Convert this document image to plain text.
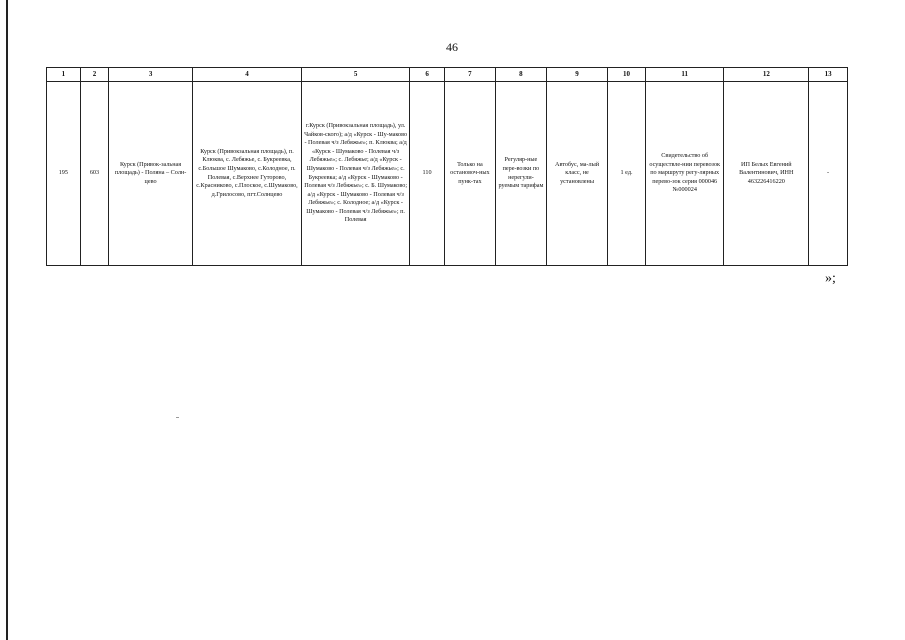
46
1	2	3	4	5	6	7	8	9	10	11	12	13
195	603	Курск (Привок-зальная площадь) - Поляна – Солн-цево	Курск (Привокзальная площадь), п. Клюква, с. Лебяжье, с. Букреевка, с.Большое Шумаково, с.Колодное, п. Полевая, с.Верхнее Гуторово, с.Красниково, с.Плоское, с.Шумаково, д.Грилосово, пгт.Солнцево	г.Курск (Привокзальная площадь), ул. Чайков-ского); а/д «Курск - Шу-маково - Полевая ч/з Лебяжье»; п. Клюква; а/д «Курск - Шумаково - Полевая ч/з Лебяжье»; с. Лебяжье; а/д «Курск - Шумаково - Полевая ч/з Лебяжье»; с. Букреевка; а/д «Курск - Шумаково - Полевая ч/з Лебяжье»; с. Б. Шумаково; а/д «Курск - Шумаково - Полевая ч/з Лебяжье»; с. Колодное; а/д «Курск - Шумаково - Полевая ч/з Лебяжье»; п. Полевая	110	Только на остановоч-ных пунк-тах	Регуляр-ные пере-возки по нерегули-руемым тарифам	Автобус, ма-лый класс, не установлены	1 ед.	Свидетельство об осуществле-нии перевозок по маршруту регу-лярных перево-зок серия 000046 №000024	ИП Белых Евгений Валентинович, ИНН 463226416220	-
»;
